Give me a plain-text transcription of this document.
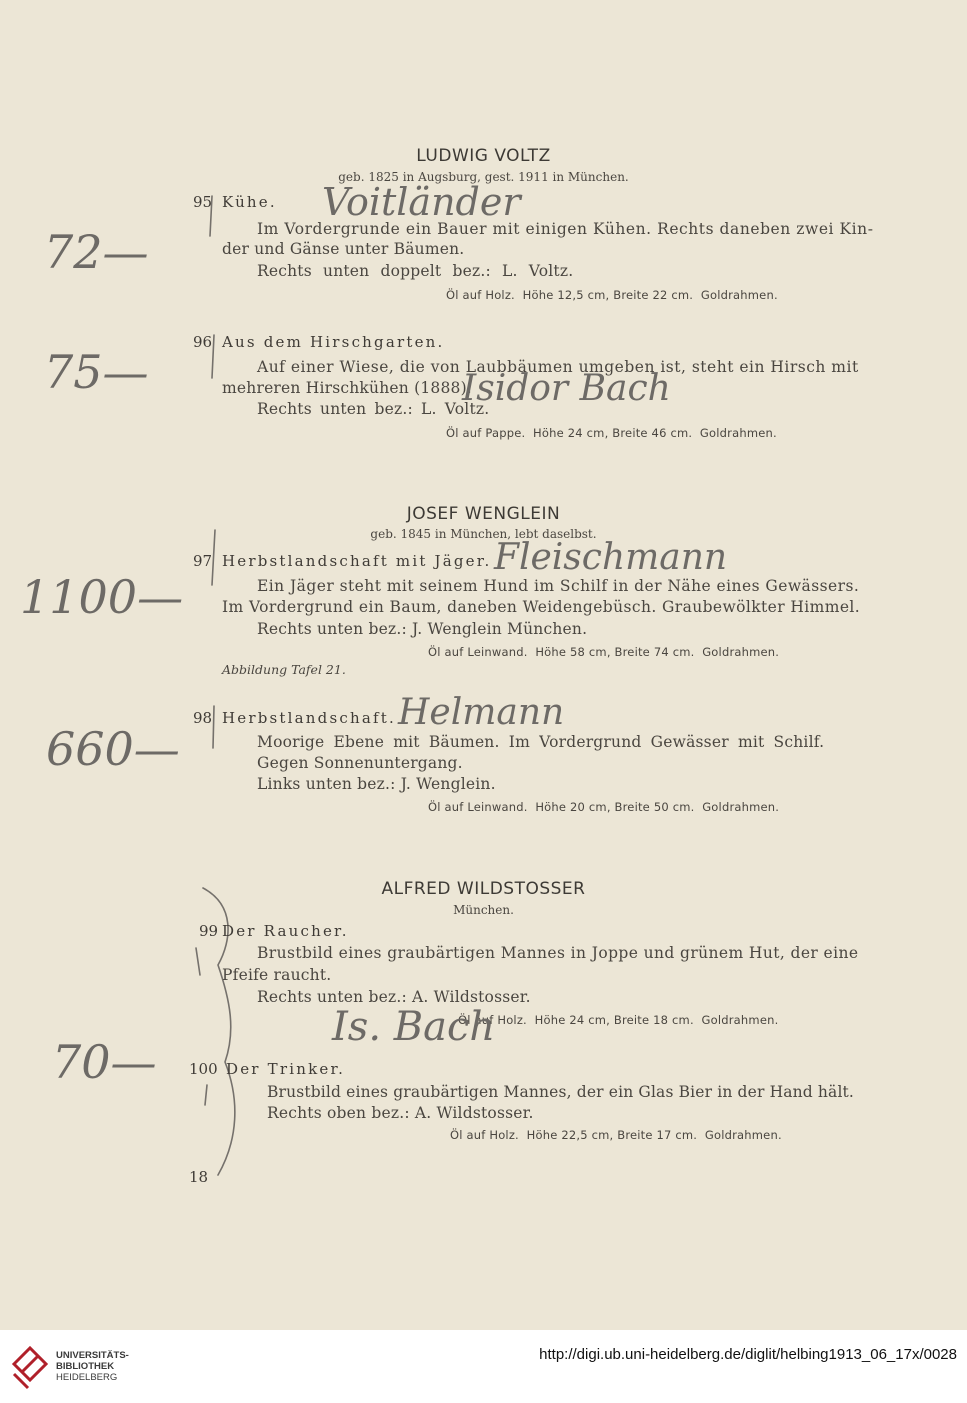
LUDWIG VOLTZ
geb. 1825 in Augsburg, gest. 1911 in München.
95 Kühe. Voitländer
Im Vordergrunde ein Bauer mit einigen Kühen. Rechts daneben zwei Kin-
der und Gänse unter Bäumen.
Rechts unten doppelt bez.: L. Voltz.
Öl auf Holz.  Höhe 12,5 cm, Breite 22 cm.  Goldrahmen.
72—
96 Aus dem Hirschgarten.
Auf einer Wiese, die von Laubbäumen umgeben ist, steht ein Hirsch mit
mehreren Hirschkühen (1888).
Isidor Bach
Rechts unten bez.: L. Voltz.
Öl auf Pappe.  Höhe 24 cm, Breite 46 cm.  Goldrahmen.
75—
JOSEF WENGLEIN
geb. 1845 in München, lebt daselbst.
97 Herbstlandschaft mit Jäger. Fleischmann
Ein Jäger steht mit seinem Hund im Schilf in der Nähe eines Gewässers.
Im Vordergrund ein Baum, daneben Weidengebüsch. Graubewölkter Himmel.
Rechts unten bez.: J. Wenglein München.
Öl auf Leinwand.  Höhe 58 cm, Breite 74 cm.  Goldrahmen.
Abbildung Tafel 21.
1100—
98 Herbstlandschaft. Helmann
Moorige Ebene mit Bäumen. Im Vordergrund Gewässer mit Schilf.
Gegen Sonnenuntergang.
Links unten bez.: J. Wenglein.
Öl auf Leinwand.  Höhe 20 cm, Breite 50 cm.  Goldrahmen.
660—
ALFRED WILDSTOSSER
München.
99 Der Raucher.
Brustbild eines graubärtigen Mannes in Joppe und grünem Hut, der eine
Pfeife raucht.
Rechts unten bez.: A. Wildstosser.
Öl auf Holz.  Höhe 24 cm, Breite 18 cm.  Goldrahmen.
Is. Bach
100 Der Trinker.
Brustbild eines graubärtigen Mannes, der ein Glas Bier in der Hand hält.
Rechts oben bez.: A. Wildstosser.
Öl auf Holz.  Höhe 22,5 cm, Breite 17 cm.  Goldrahmen.
70—
18
UNIVERSITÄTS-
BIBLIOTHEK
HEIDELBERG
http://digi.ub.uni-heidelberg.de/diglit/helbing1913_06_17x/0028
